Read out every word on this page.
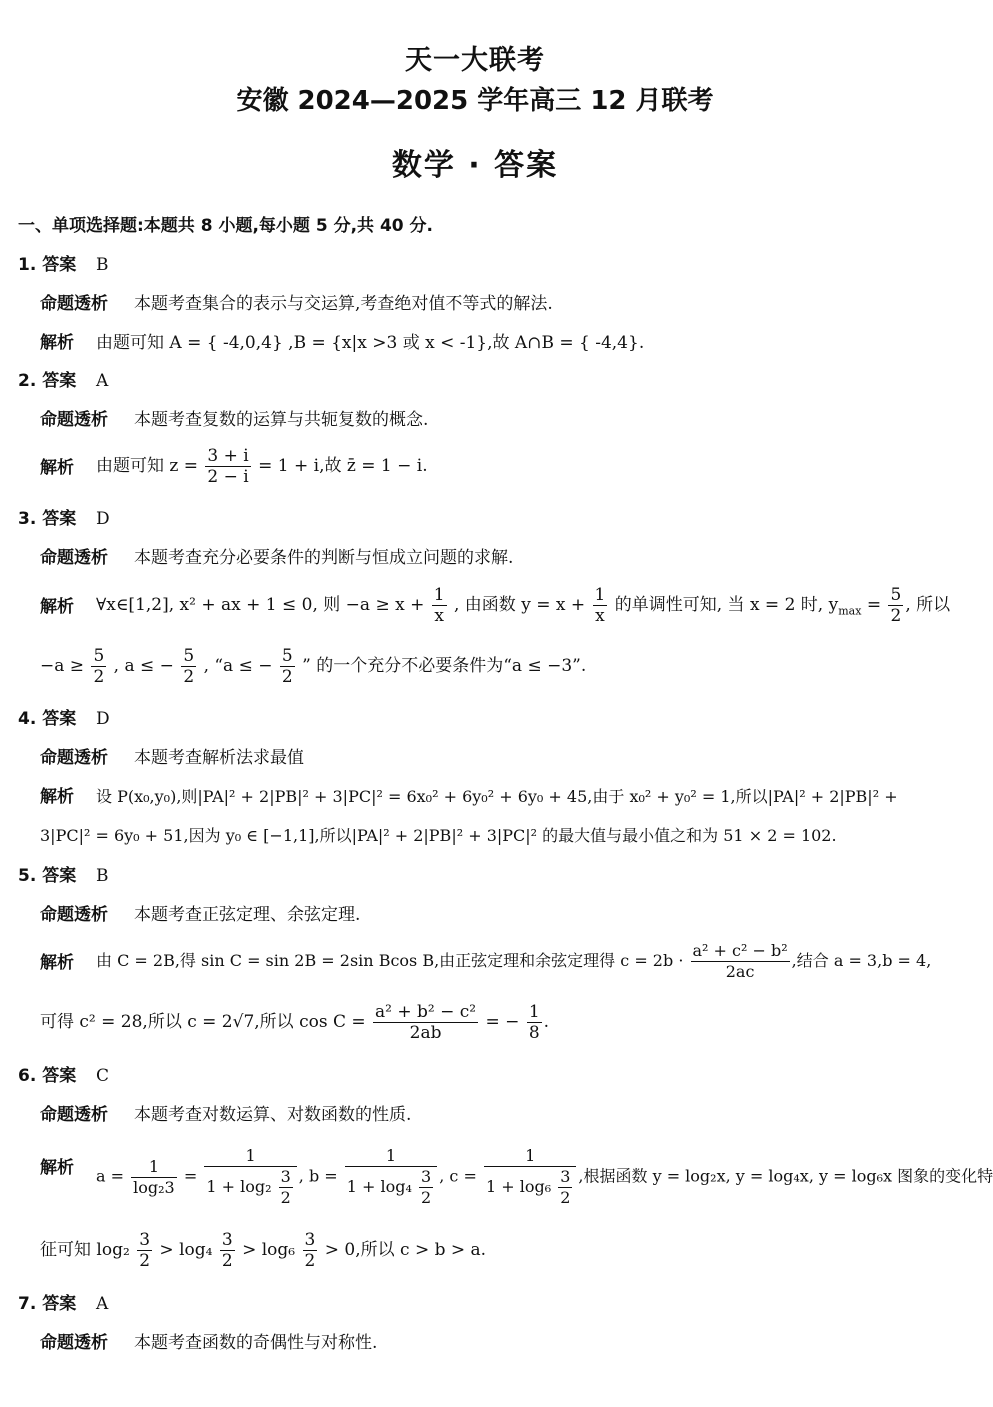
天一大联考
安徽 2024—2025 学年高三 12 月联考
数学 · 答案
一、单项选择题:本题共 8 小题,每小题 5 分,共 40 分.
1. 答案 B
命题透析 本题考查集合的表示与交运算,考查绝对值不等式的解法.
解析 由题可知 A = { -4,0,4} ,B = {x|x >3 或 x < -1},故 A∩B = { -4,4}.
2. 答案 A
命题透析 本题考查复数的运算与共轭复数的概念.
解析 由题可知 $z = \frac{3 + i}{2 - i} = 1 + i$,故 z̄ = 1 − i.
3. 答案 D
命题透析 本题考查充分必要条件的判断与恒成立问题的求解.
解析 ∀x∈[1,2], x² + ax + 1 ≤ 0, 则 $-a \ge x + \frac{1}{x}$ , 由函数 $y = x + \frac{1}{x}$ 的单调性可知, 当 x = 2 时, $y_{max} = \frac{5}{2}$ , 所以
$-a \ge \frac{5}{2}$ , a ≤ − $\frac{5}{2}$ , “a ≤ − $\frac{5}{2}$ ” 的一个充分不必要条件为“a ≤ −3”.
4. 答案 D
命题透析 本题考查解析法求最值
解析 设 P(x₀,y₀),则|PA|² + 2|PB|² + 3|PC|² = 6x₀² + 6y₀² + 6y₀ + 45,由于 x₀² + y₀² = 1,所以|PA|² + 2|PB|² +
3|PC|² = 6y₀ + 51,因为 y₀ ∈ [−1,1],所以|PA|² + 2|PB|² + 3|PC|² 的最大值与最小值之和为 51 × 2 = 102.
5. 答案 B
命题透析 本题考查正弦定理、余弦定理.
解析 由 C = 2B,得 sin C = sin 2B = 2sin Bcos B,由正弦定理和余弦定理得 $c = 2b \cdot \frac{\text{a² + c² − b²}}{2ac}$ ,结合 a = 3,b = 4,
可得 c² = 28,所以 c = 2√7,所以 $\cos C = \frac{\text{a² + b² − c²}}{2ab}$ = − $\frac{1}{8}$ .
6. 答案 C
命题透析 本题考查对数运算、对数函数的性质.
解析 $a = \frac{1}{\text{log₂3}} = \frac{1}{1 + \log_2 \frac{3}{2}}$ , $b = \frac{1}{1 + \log_4 \frac{3}{2}}$ , $c = \frac{1}{1 + \log_6 \frac{3}{2}}$ ,根据函数 y = log₂x, y = log₄x, y = log₆x 图象的变化特
征可知 $\log_2 \frac{3}{2} > \log_4 \frac{3}{2} > \log_6 \frac{3}{2} > 0$,所以 c > b > a.
7. 答案 A
命题透析 本题考查函数的奇偶性与对称性.
